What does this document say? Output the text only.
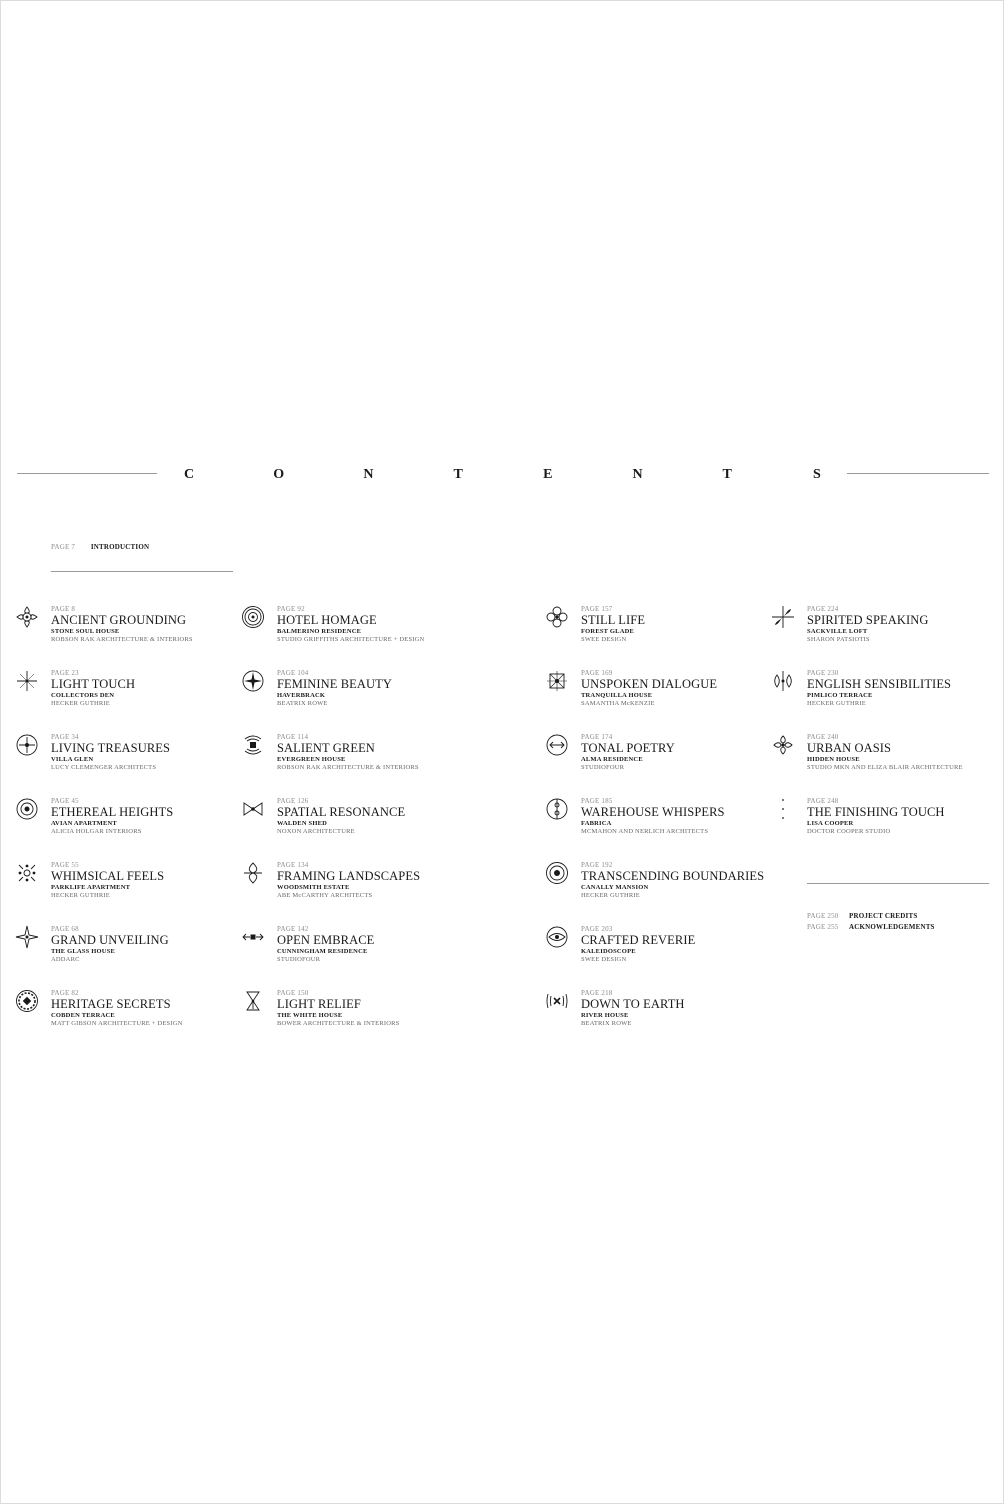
C	O	N	T	E	N	T	S
PAGE 7 INTRODUCTION
PAGE 8
ANCIENT GROUNDING
STONE SOUL HOUSE
ROBSON RAK ARCHITECTURE & INTERIORS
PAGE 23
LIGHT TOUCH
COLLECTORS DEN
HECKER GUTHRIE
PAGE 34
LIVING TREASURES
VILLA GLEN
LUCY CLEMENGER ARCHITECTS
PAGE 45
ETHEREAL HEIGHTS
AVIAN APARTMENT
ALICIA HOLGAR INTERIORS
PAGE 55
WHIMSICAL FEELS
PARKLIFE APARTMENT
HECKER GUTHRIE
PAGE 68
GRAND UNVEILING
THE GLASS HOUSE
ADDARC
PAGE 82
HERITAGE SECRETS
COBDEN TERRACE
MATT GIBSON ARCHITECTURE + DESIGN
PAGE 92
HOTEL HOMAGE
BALMERINO RESIDENCE
STUDIO GRIFFITHS ARCHITECTURE + DESIGN
PAGE 104
FEMININE BEAUTY
HAVERBRACK
BEATRIX ROWE
PAGE 114
SALIENT GREEN
EVERGREEN HOUSE
ROBSON RAK ARCHITECTURE & INTERIORS
PAGE 126
SPATIAL RESONANCE
WALDEN SHED
NOXON ARCHITECTURE
PAGE 134
FRAMING LANDSCAPES
WOODSMITH ESTATE
ABE McCARTHY ARCHITECTS
PAGE 142
OPEN EMBRACE
CUNNINGHAM RESIDENCE
STUDIOFOUR
PAGE 150
LIGHT RELIEF
THE WHITE HOUSE
BOWER ARCHITECTURE & INTERIORS
PAGE 157
STILL LIFE
FOREST GLADE
SWEE DESIGN
PAGE 169
UNSPOKEN DIALOGUE
TRANQUILLA HOUSE
SAMANTHA McKENZIE
PAGE 174
TONAL POETRY
ALMA RESIDENCE
STUDIOFOUR
PAGE 185
WAREHOUSE WHISPERS
FABRICA
MCMAHON AND NERLICH ARCHITECTS
PAGE 192
TRANSCENDING BOUNDARIES
CANALLY MANSION
HECKER GUTHRIE
PAGE 203
CRAFTED REVERIE
KALEIDOSCOPE
SWEE DESIGN
PAGE 218
DOWN TO EARTH
RIVER HOUSE
BEATRIX ROWE
PAGE 224
SPIRITED SPEAKING
SACKVILLE LOFT
SHARON PATSIOTIS
PAGE 230
ENGLISH SENSIBILITIES
PIMLICO TERRACE
HECKER GUTHRIE
PAGE 240
URBAN OASIS
HIDDEN HOUSE
STUDIO MKN AND ELIZA BLAIR ARCHITECTURE
PAGE 248
THE FINISHING TOUCH
LISA COOPER
DOCTOR COOPER STUDIO
PAGE 250 PROJECT CREDITS
PAGE 255 ACKNOWLEDGEMENTS
